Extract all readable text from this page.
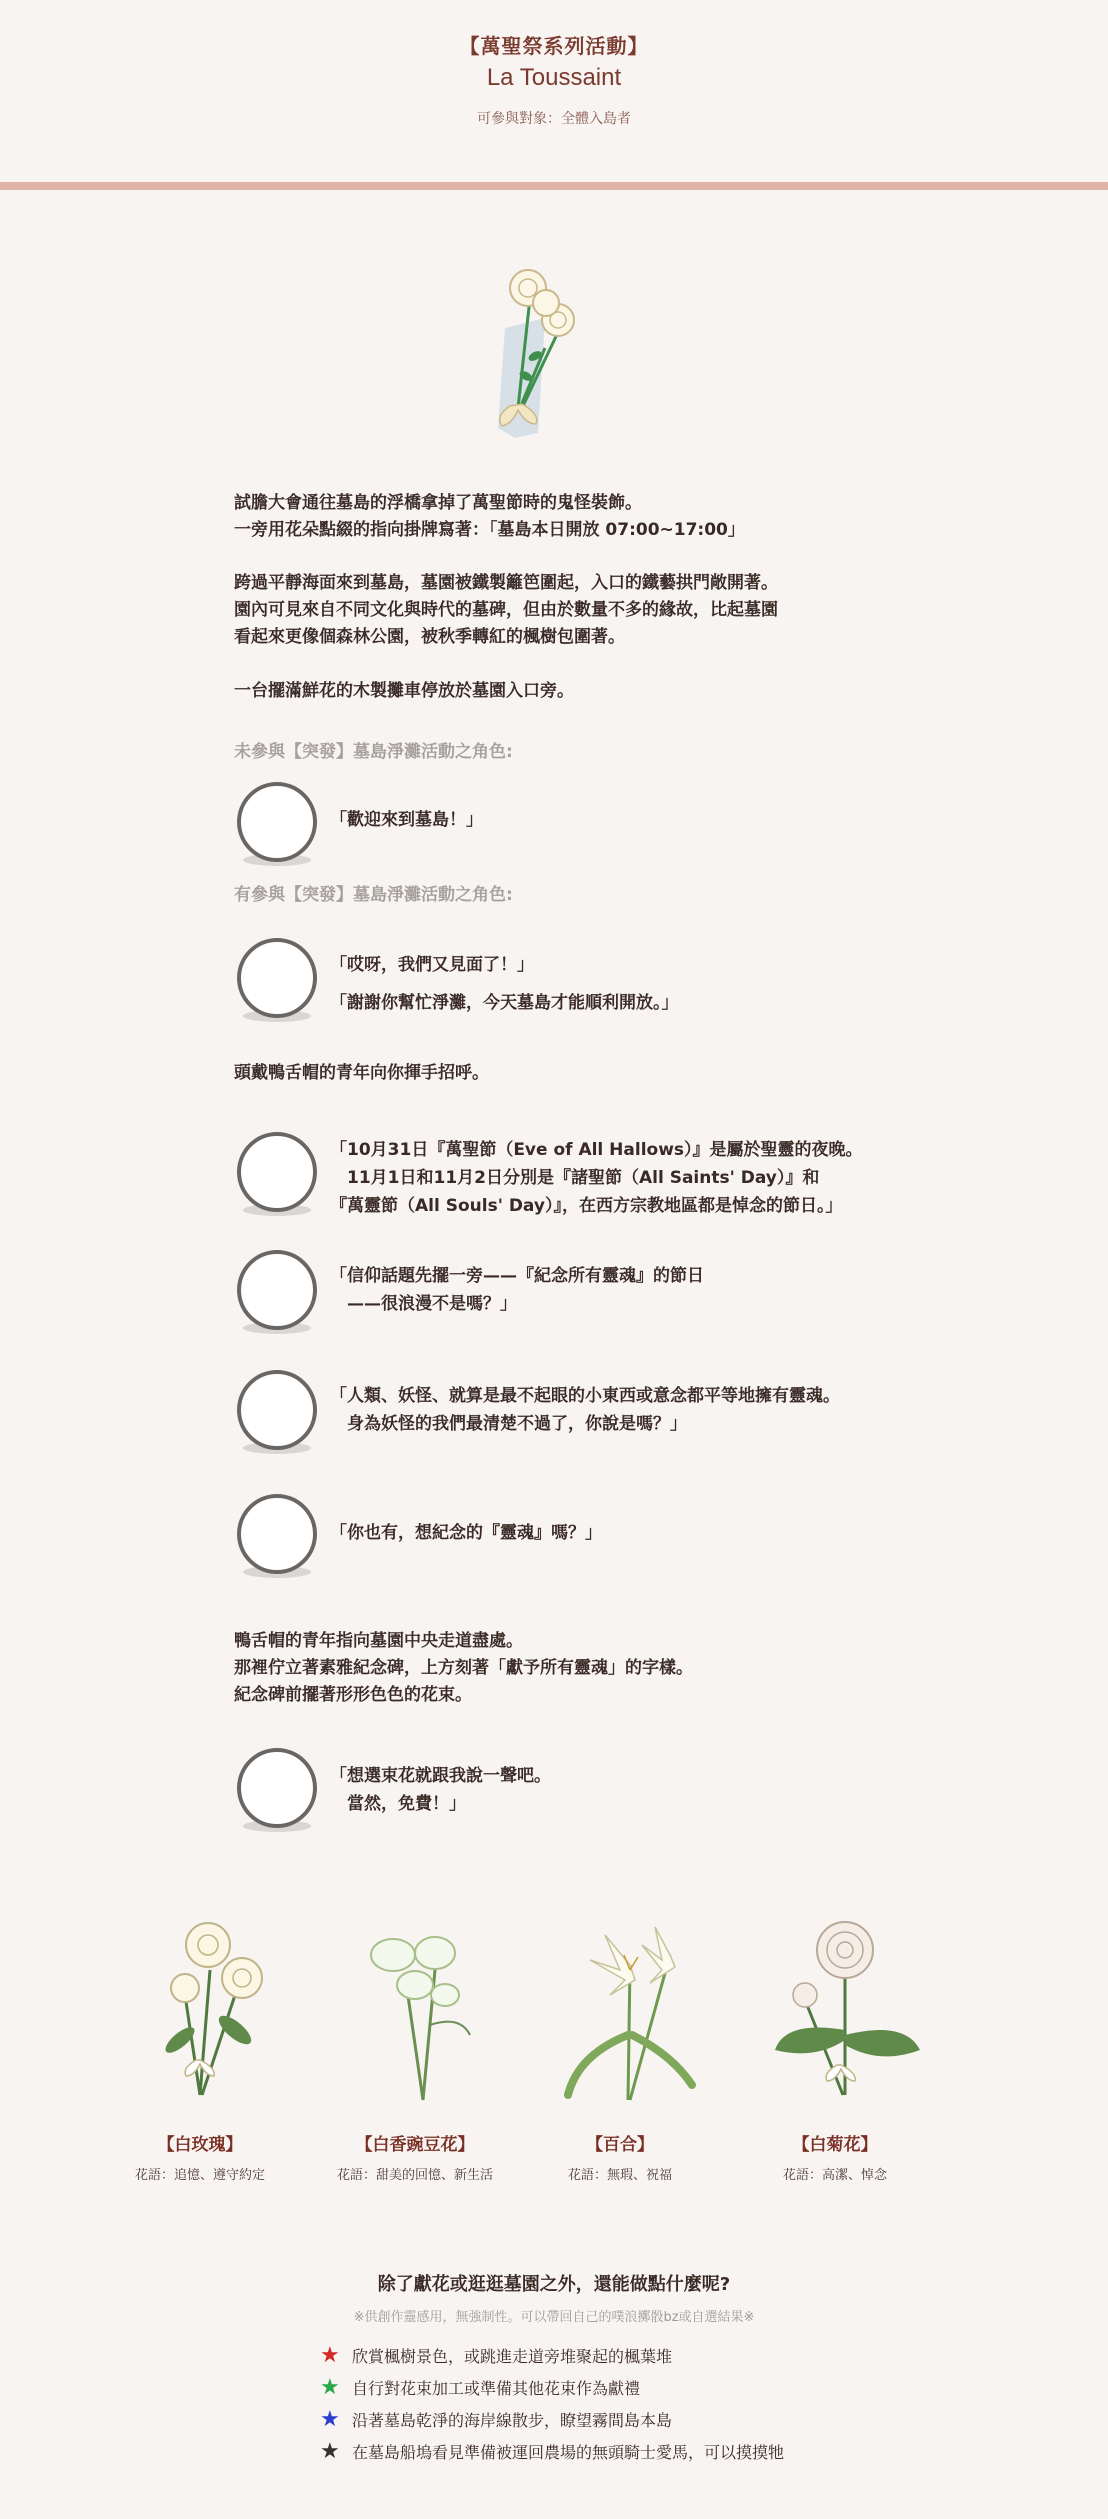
【萬聖祭系列活動】
La Toussaint
可參與對象：全體入島者
試膽大會通往墓島的浮橋拿掉了萬聖節時的鬼怪裝飾。
一旁用花朵點綴的指向掛牌寫著：「墓島本日開放 07:00~17:00」
跨過平靜海面來到墓島，墓園被鐵製籬笆圍起，入口的鐵藝拱門敞開著。
園內可見來自不同文化與時代的墓碑，但由於數量不多的緣故，比起墓園
看起來更像個森林公園，被秋季轉紅的楓樹包圍著。
一台擺滿鮮花的木製攤車停放於墓園入口旁。
未參與【突發】墓島淨灘活動之角色:
「歡迎來到墓島！」
有參與【突發】墓島淨灘活動之角色:
「哎呀，我們又見面了！」
「謝謝你幫忙淨灘，今天墓島才能順利開放。」
頭戴鴨舌帽的青年向你揮手招呼。
「10月31日『萬聖節（Eve of All Hallows）』是屬於聖靈的夜晚。
　11月1日和11月2日分別是『諸聖節（All Saints' Day）』和
『萬靈節（All Souls' Day）』，在西方宗教地區都是悼念的節日。」
「信仰話題先擺一旁——『紀念所有靈魂』的節日
　——很浪漫不是嗎？」
「人類、妖怪、就算是最不起眼的小東西或意念都平等地擁有靈魂。
　身為妖怪的我們最清楚不過了，你說是嗎？」
「你也有，想紀念的『靈魂』嗎？」
鴨舌帽的青年指向墓園中央走道盡處。
那裡佇立著素雅紀念碑，上方刻著「獻予所有靈魂」的字樣。
紀念碑前擺著形形色色的花束。
「想選束花就跟我說一聲吧。
　當然，免費！」
【白玫瑰】
花語：追憶、遵守約定
【白香豌豆花】
花語：甜美的回憶、新生活
【百合】
花語：無瑕、祝福
【白菊花】
花語：高潔、悼念
除了獻花或逛逛墓園之外，還能做點什麼呢?
※供創作靈感用，無強制性。可以帶回自己的噗浪擲骰bz或自選結果※
★ 欣賞楓樹景色，或跳進走道旁堆聚起的楓葉堆
★ 自行對花束加工或準備其他花束作為獻禮
★ 沿著墓島乾淨的海岸線散步，瞭望霧間島本島
★ 在墓島船塢看見準備被運回農場的無頭騎士愛馬，可以摸摸牠
